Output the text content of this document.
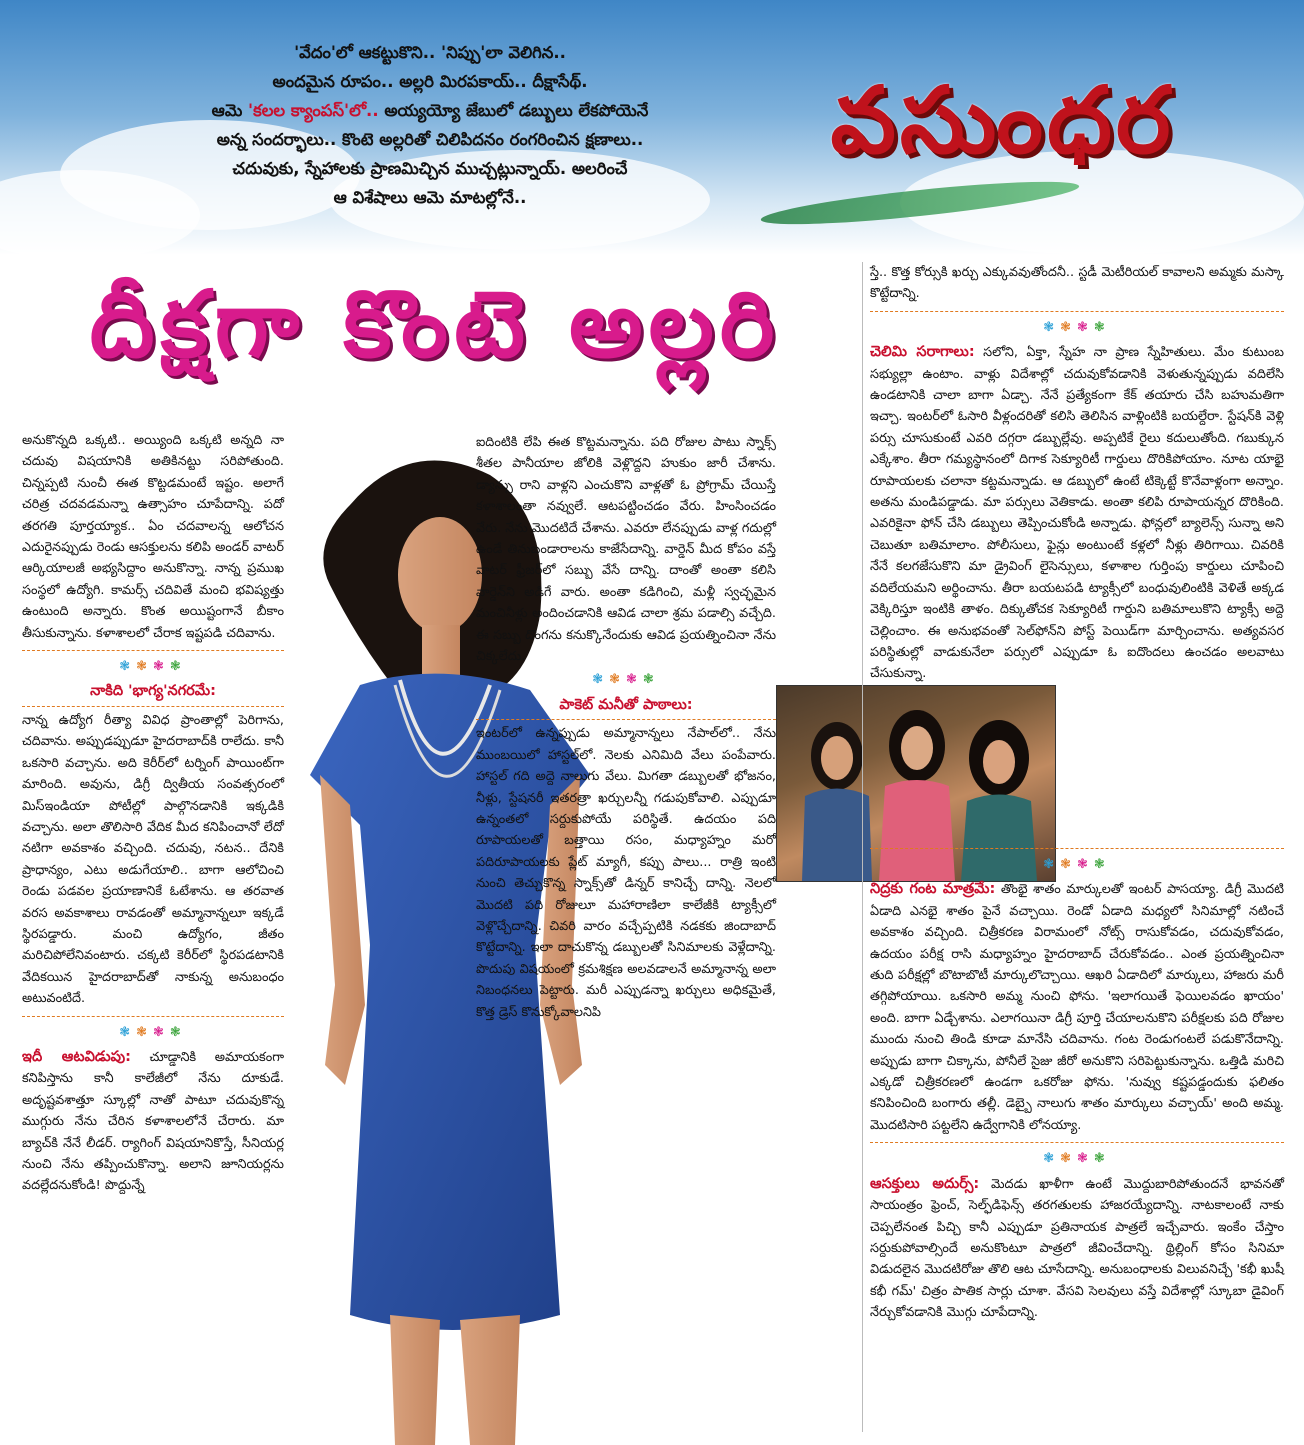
'వేదం'లో ఆకట్టుకొని.. 'నిప్పు'లా వెలిగిన..
అందమైన రూపం.. అల్లరి మిరపకాయ్.. దీక్షాసేథ్.
ఆమె 'కలల క్యాంపస్'లో.. అయ్యయ్యో జేబులో డబ్బులు లేకపోయెనే
అన్న సందర్భాలు.. కొంటె అల్లరితో చిలిపిదనం రంగరించిన క్షణాలు..
చదువుకు, స్నేహాలకు ప్రాణమిచ్చిన ముచ్చట్లున్నాయ్. అలరించే
ఆ విశేషాలు ఆమె మాటల్లోనే..
వసుంధర
దీక్షగా కొంటె అల్లరి

అనుకొన్నది ఒక్కటి.. అయ్యింది ఒక్కటి అన్నది నా చదువు విషయానికి అతికినట్టు సరిపోతుంది. చిన్నప్పటి నుంచీ ఈత కొట్టడమంటే ఇష్టం. అలాగే చరిత్ర చదవడమన్నా ఉత్సాహం చూపేదాన్ని. పదో తరగతి పూర్తయ్యాక.. ఏం చదవాలన్న ఆలోచన ఎదురైనప్పుడు రెండు ఆసక్తులను కలిపి అండర్ వాటర్ ఆర్కియాలజీ అభ్యసిద్దాం అనుకొన్నా. నాన్న ప్రముఖ సంస్థలో ఉద్యోగి. కామర్స్ చదివితే మంచి భవిష్యత్తు ఉంటుంది అన్నారు. కొంత అయిష్టంగానే బీకాం తీసుకున్నాను. కళాశాలలో చేరాక ఇష్టపడి చదివాను.

❃❃❃❃
నాకిది 'భాగ్య'నగరమే:

నాన్న ఉద్యోగ రీత్యా వివిధ ప్రాంతాల్లో పెరిగాను, చదివాను. అప్పుడప్పుడూ హైదరాబాద్‌కి రాలేదు. కానీ ఒకసారి వచ్చాను. అది కెరీర్‌లో టర్నింగ్ పాయింట్‌గా మారింది. అవును, డిగ్రీ ద్వితీయ సంవత్సరంలో మిస్ఇండియా పోటీల్లో పాల్గొనడానికి ఇక్కడికి వచ్చాను. అలా తొలిసారి వేదిక మీద కనిపించానో లేదో నటిగా అవకాశం వచ్చింది. చదువు, నటన.. దేనికి ప్రాధాన్యం, ఎటు అడుగేయాలి.. బాగా ఆలోచించి రెండు పడవల ప్రయాణానికే ఓటేశాను. ఆ తరవాత వరస అవకాశాలు రావడంతో అమ్మానాన్నలూ ఇక్కడే స్థిరపడ్డారు. మంచి ఉద్యోగం, జీతం మరిచిపోలేనివంటారు. చక్కటి కెరీర్‌లో స్థిరపడటానికి వేదికయిన హైదరాబాద్‌తో నాకున్న అనుబంధం అటువంటిదే.

❃❃❃❃

ఇదీ ఆటవిడుపు: చూడ్డానికి అమాయకంగా కనిపిస్తాను కానీ కాలేజీలో నేను దూకుడే. అదృష్టవశాత్తూ స్కూల్లో నాతో పాటూ చదువుకొన్న ముగ్గురు నేను చేరిన కళాశాలలోనే చేరారు. మా బ్యాచ్‌కి నేనే లీడర్. ర్యాగింగ్ విషయానికొస్తే, సీనియర్ల నుంచి నేను తప్పించుకొన్నా. అలాని జూనియర్లను వదల్లేదనుకోండి! పొద్దున్నే

ఐదింటికి లేపి ఈత కొట్టమన్నాను. పది రోజుల పాటు స్నాక్స్ శీతల పానీయాల జోలికి వెళ్లొద్దని హుకుం జారీ చేశాను. డ్యాన్సు రాని వాళ్లని ఎంచుకొని వాళ్లతో ఓ ప్రోగ్రామ్ చేయిస్తే కళాశాలంతా నవ్వులే. ఆటపట్టించడం వేరు. హింసించడం వేరు. నేను మొదటిదే చేశాను. ఎవరూ లేనప్పుడు వాళ్ల గదుల్లో ఉండే తినుబండారాలను కాజేసేదాన్ని. వార్డెన్ మీద కోపం వస్తే వాటర్ ఫ్రీజర్‌లో సబ్బు వేసే దాన్ని. దాంతో అంతా కలిసి వార్డెన్‌ని అడిగే వారు. అంతా కడిగించి, మళ్లీ స్వచ్ఛమైన మంచినీళ్లు అందించడానికి ఆవిడ చాలా శ్రమ పడాల్సి వచ్చేది. ఈ సబ్బు దొంగను కనుక్కొనేందుకు ఆవిడ ప్రయత్నించినా నేను చిక్కలేదు.

❃❃❃❃
పాకెట్ మనీతో పాఠాలు:

ఇంటర్‌లో ఉన్నప్పుడు అమ్మానాన్నలు నేపాల్‌లో.. నేను ముంబయిలో హాస్టల్‌లో. నెలకు ఎనిమిది వేలు పంపేవారు. హాస్టల్ గది అద్దె నాలుగు వేలు. మిగతా డబ్బులతో భోజనం, నీళ్లు, స్టేషనరీ ఇతరత్రా ఖర్చులన్నీ గడుపుకోవాలి. ఎప్పుడూ ఉన్నంతలో సర్దుకుపోయే పరిస్థితే. ఉదయం పది రూపాయలతో బత్తాయి రసం, మధ్యాహ్నం మరో పదిరూపాయలకు ప్లేట్ మ్యాగీ, కప్పు పాలు... రాత్రి ఇంటి నుంచి తెచ్చుకొన్న స్నాక్స్‌తో డిన్నర్ కానిచ్చే దాన్ని. నెలలో మొదటి పది రోజులూ మహారాణిలా కాలేజీకి ట్యాక్సీలో వెళ్లొచ్చేదాన్ని. చివరి వారం వచ్చేప్పటికి నడకకు జిందాబాద్ కొట్టేదాన్ని. ఇలా దాచుకొన్న డబ్బులతో సినిమాలకు వెళ్లేదాన్ని. పొదుపు విషయంలో క్రమశిక్షణ అలవడాలనే అమ్మానాన్న అలా నిబంధనలు పెట్టారు. మరీ ఎప్పుడన్నా ఖర్చులు అధికమైతే, కొత్త డ్రెస్ కొనుక్కోవాలనిపి

స్తే.. కొత్త కోర్సుకి ఖర్చు ఎక్కువవుతోందనీ.. స్టడీ మెటీరియల్ కావాలని అమ్మకు మస్కా కొట్టేదాన్ని.

❃❃❃❃

చెలిమి సరాగాలు: సలోని, ఏక్తా, స్నేహ నా ప్రాణ స్నేహితులు. మేం కుటుంబ సభ్యుల్లా ఉంటాం. వాళ్లు విదేశాల్లో చదువుకోవడానికి వెళుతున్నప్పుడు వదిలేసి ఉండటానికి చాలా బాగా ఏడ్చా. నేనే ప్రత్యేకంగా కేక్ తయారు చేసి బహుమతిగా ఇచ్చా. ఇంటర్‌లో ఓసారి వీళ్లందరితో కలిసి తెలిసిన వాళ్లింటికి బయల్దేరా. స్టేషన్‌కి వెళ్లి పర్సు చూసుకుంటే ఎవరి దగ్గరా డబ్బుల్లేవు. అప్పటికే రైలు కదులుతోంది. గబుక్కున ఎక్కేశాం. తీరా గమ్యస్థానంలో దిగాక సెక్యూరిటీ గార్డులు దొరికిపోయాం. నూట యాభై రూపాయలకు చలానా కట్టమన్నాడు. ఆ డబ్బులో ఉంటే టిక్కెట్టే కొనేవాళ్లంగా అన్నాం. అతను మండిపడ్డాడు. మా పర్సులు వెతికాడు. అంతా కలిపి రూపాయన్నర దొరికింది. ఎవరికైనా ఫోన్ చేసి డబ్బులు తెప్పించుకోండి అన్నాడు. ఫోన్లలో బ్యాలెన్స్ సున్నా అని చెబుతూ బతిమాలాం. పోలీసులు, ఫైన్లు అంటుంటే కళ్లలో నీళ్లు తిరిగాయి. చివరికి నేనే కలగజేసుకొని మా డ్రైవింగ్ లైసెన్సులు, కళాశాల గుర్తింపు కార్డులు చూపించి వదిలేయమని అర్థించాను. తీరా బయటపడి ట్యాక్సీలో బంధువులింటికి వెళితే అక్కడ వెక్కిరిస్తూ ఇంటికి తాళం. దిక్కుతోచక సెక్యూరిటీ గార్డుని బతిమాలుకొని ట్యాక్సీ అద్దె చెల్లించాం. ఈ అనుభవంతో సెల్‌ఫోన్‌ని పోస్ట్ పెయిడ్‌గా మార్చించాను. అత్యవసర పరిస్థితుల్లో వాడుకునేలా పర్సులో ఎప్పుడూ ఓ ఐదొందలు ఉంచడం అలవాటు చేసుకున్నా.

❃❃❃❃

నిద్రకు గంట మాత్రమే: తొంభై శాతం మార్కులతో ఇంటర్ పాసయ్యా. డిగ్రీ మొదటి ఏడాది ఎనభై శాతం పైనే వచ్చాయి. రెండో ఏడాది మధ్యలో సినిమాల్లో నటించే అవకాశం వచ్చింది. చిత్రీకరణ విరామంలో నోట్స్ రాసుకోవడం, చదువుకోవడం, ఉదయం పరీక్ష రాసి మధ్యాహ్నం హైదరాబాద్ చేరుకోవడం.. ఎంత ప్రయత్నించినా తుది పరీక్షల్లో బొటాబొటీ మార్కులొచ్చాయి. ఆఖరి ఏడాదిలో మార్కులు, హాజరు మరీ తగ్గిపోయాయి. ఒకసారి అమ్మ నుంచి ఫోను. 'ఇలాగయితే ఫెయిలవడం ఖాయం' అంది. బాగా ఏడ్చేశాను. ఎలాగయినా డిగ్రీ పూర్తి చేయాలనుకొని పరీక్షలకు పది రోజుల ముందు నుంచి తిండి కూడా మానేసి చదివాను. గంట రెండుగంటలే పడుకొనేదాన్ని. అప్పుడు బాగా చిక్కాను, పోనీలే సైజు జీరో అనుకొని సరిపెట్టుకున్నాను. ఒత్తిడి మరిచి ఎక్కడో చిత్రీకరణలో ఉండగా ఒకరోజు ఫోను. 'నువ్వు కష్టపడ్డందుకు ఫలితం కనిపించింది బంగారు తల్లీ. డెబ్బై నాలుగు శాతం మార్కులు వచ్చాయ్' అంది అమ్మ. మొదటిసారి పట్టలేని ఉద్వేగానికి లోనయ్యా.

❃❃❃❃

ఆసక్తులు అదుర్స్: మెదడు ఖాళీగా ఉంటే మొద్దుబారిపోతుందనే భావనతో సాయంత్రం ఫ్రెంచ్, సెల్ఫ్‌డిఫెన్స్ తరగతులకు హాజరయ్యేదాన్ని. నాటకాలంటే నాకు చెప్పలేనంత పిచ్చి కానీ ఎప్పుడూ ప్రతినాయక పాత్రలే ఇచ్చేవారు. ఇంకేం చేస్తాం సర్దుకుపోవాల్సిందే అనుకొంటూ పాత్రలో జీవించేదాన్ని. థ్రిల్లింగ్ కోసం సినిమా విడుదలైన మొదటిరోజు తొలి ఆట చూసేదాన్ని. అనుబంధాలకు విలువనిచ్చే 'కభీ ఖుషీ కభీ గమ్' చిత్రం పాతిక సార్లు చూశా. వేసవి సెలవులు వస్తే విదేశాల్లో స్కూబా డైవింగ్ నేర్చుకోవడానికి మొగ్గు చూపేదాన్ని.
